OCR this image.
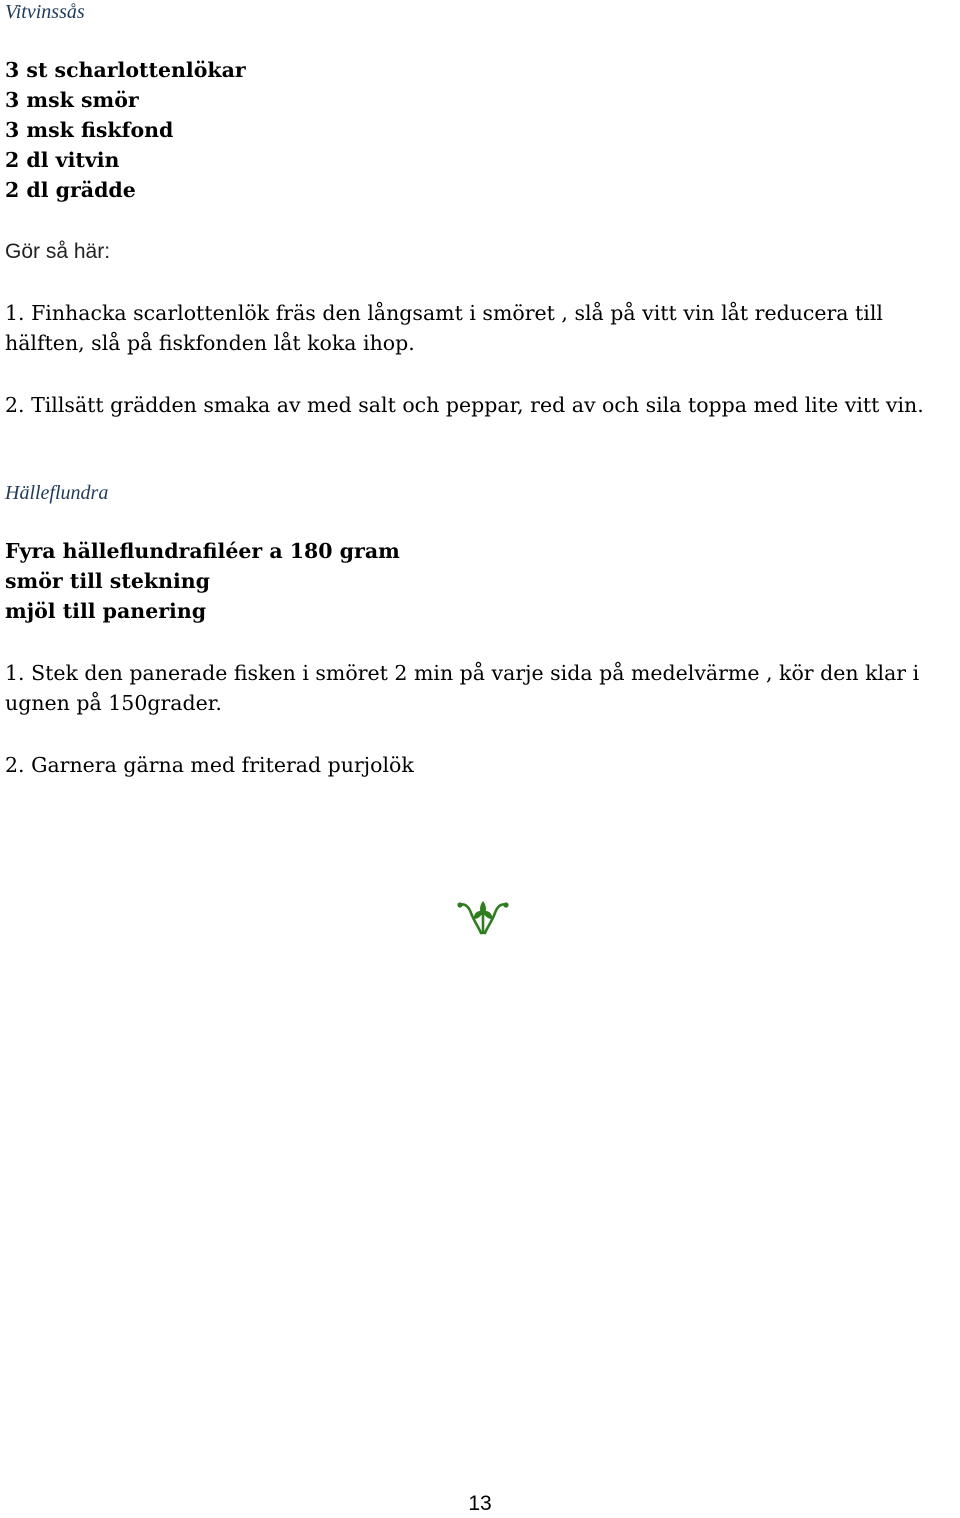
Vitvinssås
3 st scharlottenlökar
3 msk smör
3 msk fiskfond
2 dl vitvin
2 dl grädde
Gör så här:
1. Finhacka scarlottenlök fräs den långsamt i smöret , slå på vitt vin låt reducera till hälften, slå på fiskfonden låt koka ihop.
2. Tillsätt grädden smaka av med salt och peppar, red av och sila toppa med lite vitt vin.
Hälleflundra
Fyra hälleflundrafiléer a 180 gram
smör till stekning
mjöl till panering
1. Stek den panerade fisken i smöret 2 min på varje sida på medelvärme , kör den klar i ugnen på 150grader.
2. Garnera gärna med friterad purjolök
13
